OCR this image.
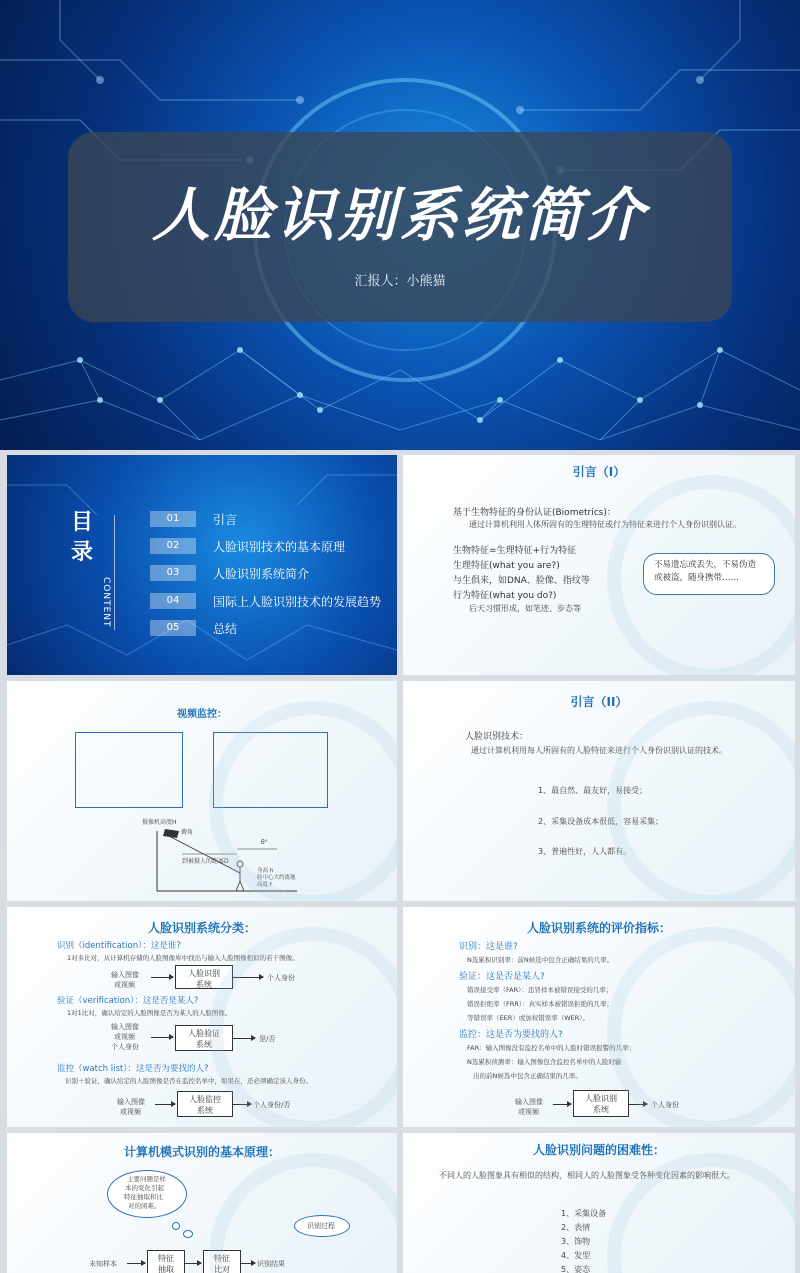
人脸识别系统简介
汇报人：小熊猫
目录
CONTENT
01	引言
02	人脸识别技术的基本原理
03	人脸识别系统简介
04	国际上人脸识别技术的发展趋势
05	总结
引言（I）
基于生物特征的身份认证(Biometrics)：
通过计算机利用人体所固有的生理特征或行为特征来进行个人身份识别认证。
生物特征=生理特征+行为特征
生理特征(what you are?)
与生俱来，如DNA、脸像、指纹等
行为特征(what you do?)
后天习惯形成，如笔迹、步态等
不易遗忘或丢失，不易伪造
或被盗，随身携带……
视频监控：
摄像机高度H
俯角
到被摄人的距离D
θ°
身高 h
脸中心大约离地
高度 f
引言（II）
人脸识别技术：
通过计算机利用每人所固有的人脸特征来进行个人身份识别认证的技术。
1、最自然、最友好，易接受；
2、采集设备成本很低，容易采集；
3、普遍性好，人人都有。
人脸识别系统分类：
识别（identification）：这是谁?
1对多比对，从计算机存储的人脸图像库中找出与输入人脸图像相似的若干图像。
输入图像
或视频
人脸识别
系统
个人身份
验证（verification）：这是否是某人?
1对1比对，确认给定的人脸图像是否为某人的人脸图像。
输入图像
或视频
个人身份
人脸验证
系统
是/否
监控（watch list）：这是否为要找的人?
识别＋验证，确认给定的人脸图像是否在监控名单中，如果在，还必须确定该人身份。
输入图像
或视频
人脸监控
系统
个人身份/否
人脸识别系统的评价指标：
识别：这是谁?
N选累积识别率：前N候选中包含正确结果的几率。
验证：这是否是某人?
错误接受率（FAR）：违冒样本被错误接受的几率；
错误拒绝率（FRR）：真实样本被错误拒绝的几率；
等错误率（EER）或加权错误率（WER）。
监控：这是否为要找的人?
FAR：输入图像没有监控名单中的人脸时错误报警的几率；
N选累积侦测率：输入图像包含监控名单中的人脸时输
出的前N候选中包含正确结果的几率。
输入图像
或视频
人脸识别
系统	个人身份
计算机模式识别的基本原理：
主要问题是样
本的变化引起
特征抽取和比
对的困难。
识别过程
未知样本
特征
抽取
特征
比对
识别结果
人脸识别问题的困难性：
不同人的人脸图象具有相似的结构，相同人的人脸图象受各种变化因素的影响很大。
1、采集设备
2、表情
3、饰物
4、发型
5、姿态
